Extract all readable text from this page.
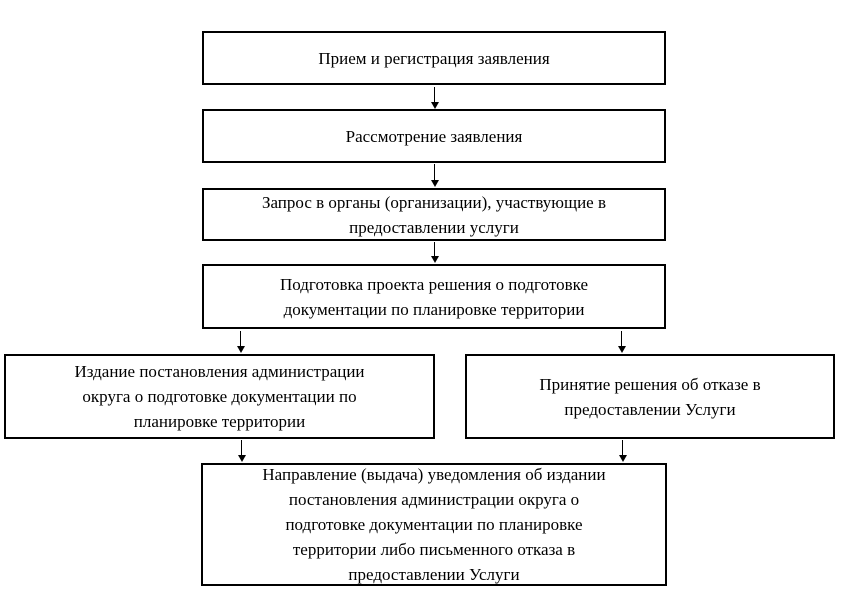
Прием и регистрация заявления
Рассмотрение заявления
Запрос в органы (организации), участвующие в предоставлении услуги
Подготовка проекта решения о подготовке документации по планировке территории
Издание постановления администрации округа о подготовке документации по планировке территории
Принятие решения об отказе в предоставлении Услуги
Направление (выдача) уведомления об издании постановления администрации округа о подготовке документации по планировке территории либо письменного отказа в предоставлении Услуги
